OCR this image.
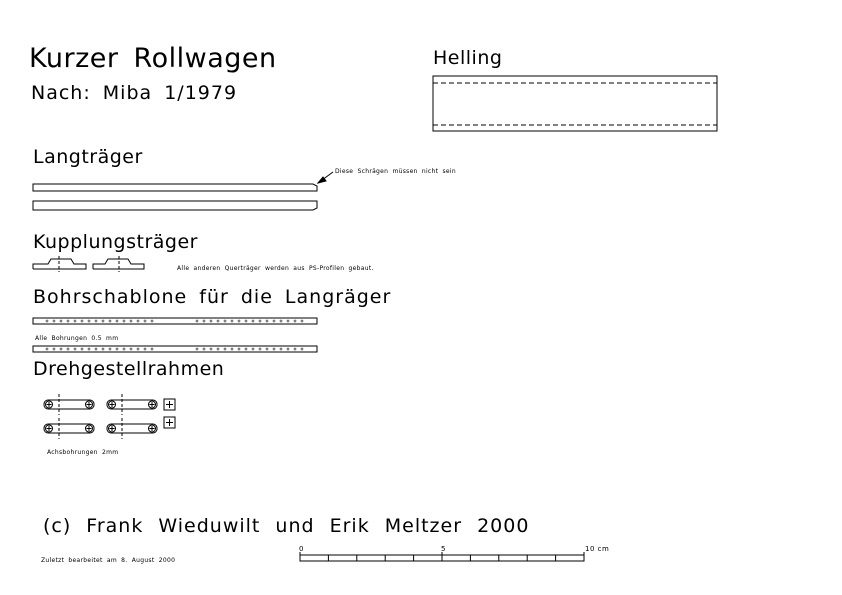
Kurzer Rollwagen
Nach: Miba 1/1979
Helling
Langträger
Kupplungsträger
Bohrschablone für die Langräger
Drehgestellrahmen
Diese Schrägen müssen nicht sein
Alle anderen Querträger werden aus PS-Profilen gebaut.
Alle Bohrungen 0.5 mm
Achsbohrungen 2mm
Zuletzt bearbeitet am 8. August 2000
(c) Frank Wieduwilt und Erik Meltzer 2000
0	5	10 cm
